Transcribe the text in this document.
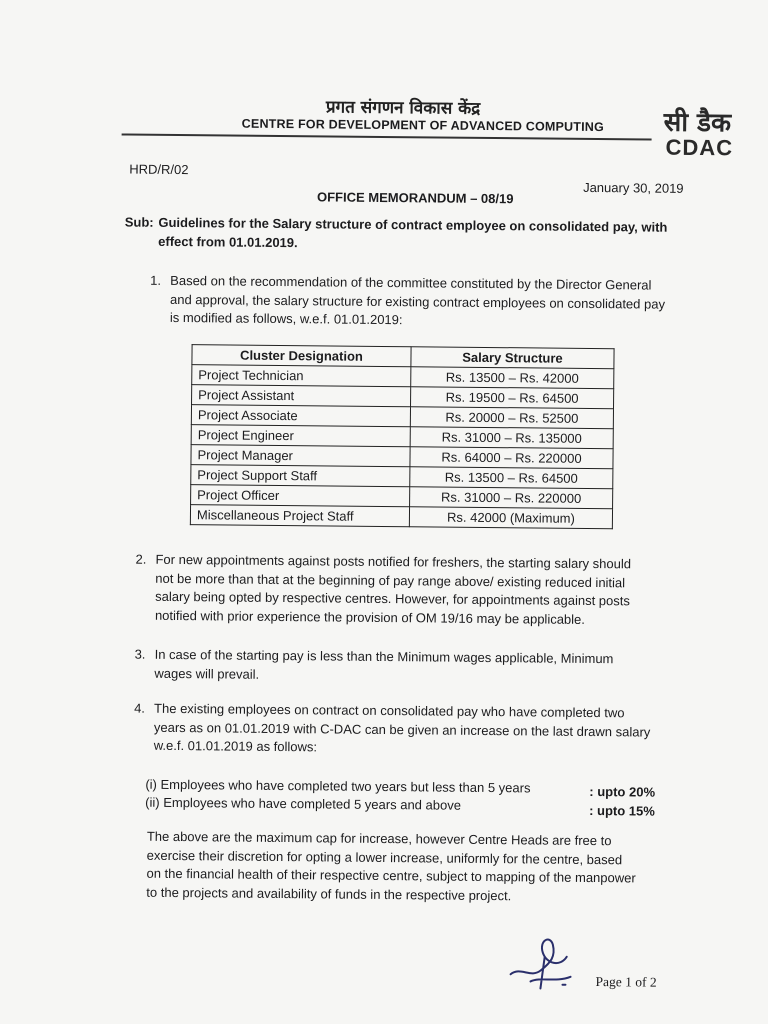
प्रगत संगणन विकास केंद्र
CENTRE FOR DEVELOPMENT OF ADVANCED COMPUTING सी डैक
CDAC
HRD/R/02
January 30, 2019
OFFICE MEMORANDUM – 08/19
Sub: Guidelines for the Salary structure of contract employee on consolidated pay, with
effect from 01.01.2019.
1. Based on the recommendation of the committee constituted by the Director General
and approval, the salary structure for existing contract employees on consolidated pay
is modified as follows, w.e.f. 01.01.2019:
Cluster Designation	Salary Structure
Project Technician	Rs. 13500 – Rs. 42000
Project Assistant	Rs. 19500 – Rs. 64500
Project Associate	Rs. 20000 – Rs. 52500
Project Engineer	Rs. 31000 – Rs. 135000
Project Manager	Rs. 64000 – Rs. 220000
Project Support Staff	Rs. 13500 – Rs. 64500
Project Officer	Rs. 31000 – Rs. 220000
Miscellaneous Project Staff	Rs. 42000 (Maximum)
2. For new appointments against posts notified for freshers, the starting salary should
not be more than that at the beginning of pay range above/ existing reduced initial
salary being opted by respective centres. However, for appointments against posts
notified with prior experience the provision of OM 19/16 may be applicable.
3. In case of the starting pay is less than the Minimum wages applicable, Minimum
wages will prevail.
4. The existing employees on contract on consolidated pay who have completed two
years as on 01.01.2019 with C-DAC can be given an increase on the last drawn salary
w.e.f. 01.01.2019 as follows:
(i) Employees who have completed two years but less than 5 years	: upto 20%
(ii) Employees who have completed 5 years and above	: upto 15%
The above are the maximum cap for increase, however Centre Heads are free to
exercise their discretion for opting a lower increase, uniformly for the centre, based
on the financial health of their respective centre, subject to mapping of the manpower
to the projects and availability of funds in the respective project.
Page 1 of 2
